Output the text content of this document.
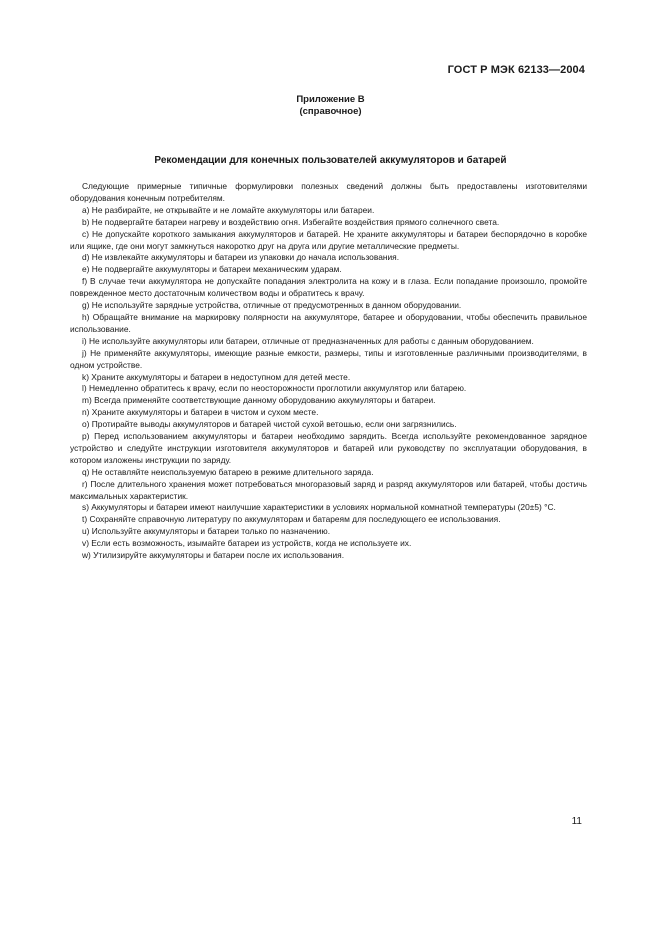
ГОСТ Р МЭК 62133—2004
Приложение В
(справочное)
Рекомендации для конечных пользователей аккумуляторов и батарей

Следующие примерные типичные формулировки полезных сведений должны быть предоставлены изготовителями оборудования конечным потребителям.

a) Не разбирайте, не открывайте и не ломайте аккумуляторы или батареи.

b) Не подвергайте батареи нагреву и воздействию огня. Избегайте воздействия прямого солнечного света.

c) Не допускайте короткого замыкания аккумуляторов и батарей. Не храните аккумуляторы и батареи беспорядочно в коробке или ящике, где они могут замкнуться накоротко друг на друга или другие металлические предметы.

d) Не извлекайте аккумуляторы и батареи из упаковки до начала использования.

e) Не подвергайте аккумуляторы и батареи механическим ударам.

f) В случае течи аккумулятора не допускайте попадания электролита на кожу и в глаза. Если попадание произошло, промойте поврежденное место достаточным количеством воды и обратитесь к врачу.

g) Не используйте зарядные устройства, отличные от предусмотренных в данном оборудовании.

h) Обращайте внимание на маркировку полярности на аккумуляторе, батарее и оборудовании, чтобы обеспечить правильное использование.

i) Не используйте аккумуляторы или батареи, отличные от предназначенных для работы с данным оборудованием.

j) Не применяйте аккумуляторы, имеющие разные емкости, размеры, типы и изготовленные различными производителями, в одном устройстве.

k) Храните аккумуляторы и батареи в недоступном для детей месте.

l) Немедленно обратитесь к врачу, если по неосторожности проглотили аккумулятор или батарею.

m) Всегда применяйте соответствующие данному оборудованию аккумуляторы и батареи.

n) Храните аккумуляторы и батареи в чистом и сухом месте.

o) Протирайте выводы аккумуляторов и батарей чистой сухой ветошью, если они загрязнились.

p) Перед использованием аккумуляторы и батареи необходимо зарядить. Всегда используйте рекомендованное зарядное устройство и следуйте инструкции изготовителя аккумуляторов и батарей или руководству по эксплуатации оборудования, в котором изложены инструкции по заряду.

q) Не оставляйте неиспользуемую батарею в режиме длительного заряда.

r) После длительного хранения может потребоваться многоразовый заряд и разряд аккумуляторов или батарей, чтобы достичь максимальных характеристик.

s) Аккумуляторы и батареи имеют наилучшие характеристики в условиях нормальной комнатной температуры (20±5) °С.

t) Сохраняйте справочную литературу по аккумуляторам и батареям для последующего ее использования.

u) Используйте аккумуляторы и батареи только по назначению.

v) Если есть возможность, изымайте батареи из устройств, когда не используете их.

w) Утилизируйте аккумуляторы и батареи после их использования.

11
